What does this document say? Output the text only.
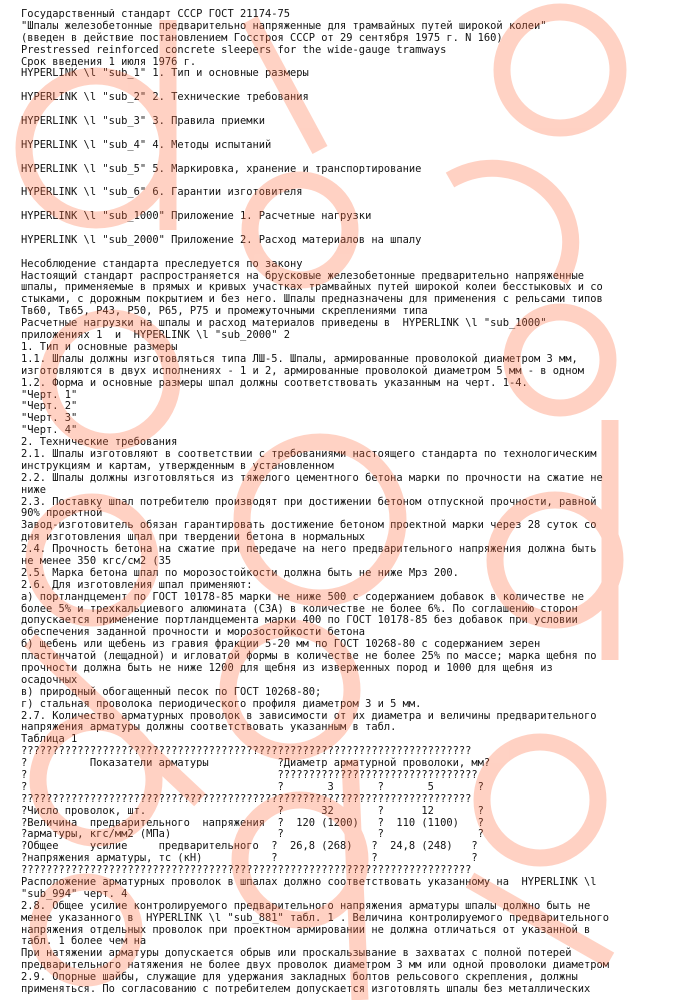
Государственный стандарт СССР ГОСТ 21174-75
"Шпалы железобетонные предварительно напряженные для трамвайных путей широкой колеи"
(введен в действие постановлением Госстроя СССР от 29 сентября 1975 г. N 160)
Prestressed reinforced concrete sleepers for the wide-gauge tramways
Срок введения 1 июля 1976 г.
HYPERLINK \l "sub_1" 1. Тип и основные размеры
HYPERLINK \l "sub_2" 2. Технические требования
HYPERLINK \l "sub_3" 3. Правила приемки
HYPERLINK \l "sub_4" 4. Методы испытаний
HYPERLINK \l "sub_5" 5. Маркировка, хранение и транспортирование
HYPERLINK \l "sub_6" 6. Гарантии изготовителя
HYPERLINK \l "sub_1000" Приложение 1. Расчетные нагрузки
HYPERLINK \l "sub_2000" Приложение 2. Расход материалов на шпалу
Несоблюдение стандарта преследуется по закону
Настоящий стандарт распространяется на брусковые железобетонные предварительно напряженные
шпалы, применяемые в прямых и кривых участках трамвайных путей широкой колеи бесстыковых и со
стыками, с дорожным покрытием и без него. Шпалы предназначены для применения с рельсами типов
Тв60, Тв65, Р43, Р50, Р65, Р75 и промежуточными скреплениями типа
Расчетные нагрузки на шпалы и расход материалов приведены в  HYPERLINK \l "sub_1000"
приложениях 1  и  HYPERLINK \l "sub_2000" 2
1. Тип и основные размеры
1.1. Шпалы должны изготовляться типа ЛШ-5. Шпалы, армированные проволокой диаметром 3 мм,
изготовляются в двух исполнениях - 1 и 2, армированные проволокой диаметром 5 мм - в одном
1.2. Форма и основные размеры шпал должны соответствовать указанным на черт. 1-4.
"Черт. 1"
"Черт. 2"
"Черт. 3"
"Черт. 4"
2. Технические требования
2.1. Шпалы изготовляют в соответствии с требованиями настоящего стандарта по технологическим
инструкциям и картам, утвержденным в установленном
2.2. Шпалы должны изготовляться из тяжелого цементного бетона марки по прочности на сжатие не
ниже
2.3. Поставку шпал потребителю производят при достижении бетоном отпускной прочности, равной
90% проектной
Завод-изготовитель обязан гарантировать достижение бетоном проектной марки через 28 суток со
дня изготовления шпал при твердении бетона в нормальных
2.4. Прочность бетона на сжатие при передаче на него предварительного напряжения должна быть
не менее 350 кгс/см2 (35
2.5. Марка бетона шпал по морозостойкости должна быть не ниже Мрз 200.
2.6. Для изготовления шпал применяют:
а) портландцемент по ГОСТ 10178-85 марки не ниже 500 с содержанием добавок в количестве не
более 5% и трехкальциевого алюмината (С3А) в количестве не более 6%. По соглашению сторон
допускается применение портландцемента марки 400 по ГОСТ 10178-85 без добавок при условии
обеспечения заданной прочности и морозостойкости бетона
б) щебень или щебень из гравия фракции 5-20 мм по ГОСТ 10268-80 с содержанием зерен
пластинчатой (лещадной) и игловатой формы в количестве не более 25% по массе; марка щебня по
прочности должна быть не ниже 1200 для щебня из изверженных пород и 1000 для щебня из
осадочных
в) природный обогащенный песок по ГОСТ 10268-80;
г) стальная проволока периодического профиля диаметром 3 и 5 мм.
2.7. Количество арматурных проволок в зависимости от их диаметра и величины предварительного
напряжения арматуры должны соответствовать указанным в табл.
Таблица 1
????????????????????????????????????????????????????????????????????????
?          Показатели арматуры           ?Диаметр арматурной проволоки, мм?
?                                        ????????????????????????????????
?                                        ?       3       ?       5       ?
????????????????????????????????????????????????????????????????????????
?Число проволок, шт.                     ?      32       ?      12       ?
?Величина  предварительного  напряжения  ?  120 (1200)   ?  110 (1100)   ?
?арматуры, кгс/мм2 (МПа)                 ?               ?               ?
?Общее     усилие     предварительного  ?  26,8 (268)   ?  24,8 (248)   ?
?напряжения арматуры, тс (кН)           ?               ?               ?
????????????????????????????????????????????????????????????????????????
Расположение арматурных проволок в шпалах должно соответствовать указанному на  HYPERLINK \l
"sub_994" черт. 4
2.8. Общее усилие контролируемого предварительного напряжения арматуры шпалы должно быть не
менее указанного в  HYPERLINK \l "sub_881" табл. 1 . Величина контролируемого предварительного
напряжения отдельных проволок при проектном армировании не должна отличаться от указанной в
табл. 1 более чем на
При натяжении арматуры допускается обрыв или проскальзывание в захватах с полной потерей
предварительного натяжения не более двух проволок диаметром 3 мм или одной проволоки диаметром
2.9. Опорные шайбы, служащие для удержания закладных болтов рельсового скрепления, должны
применяться. По согласованию с потребителем допускается изготовлять шпалы без металлических
